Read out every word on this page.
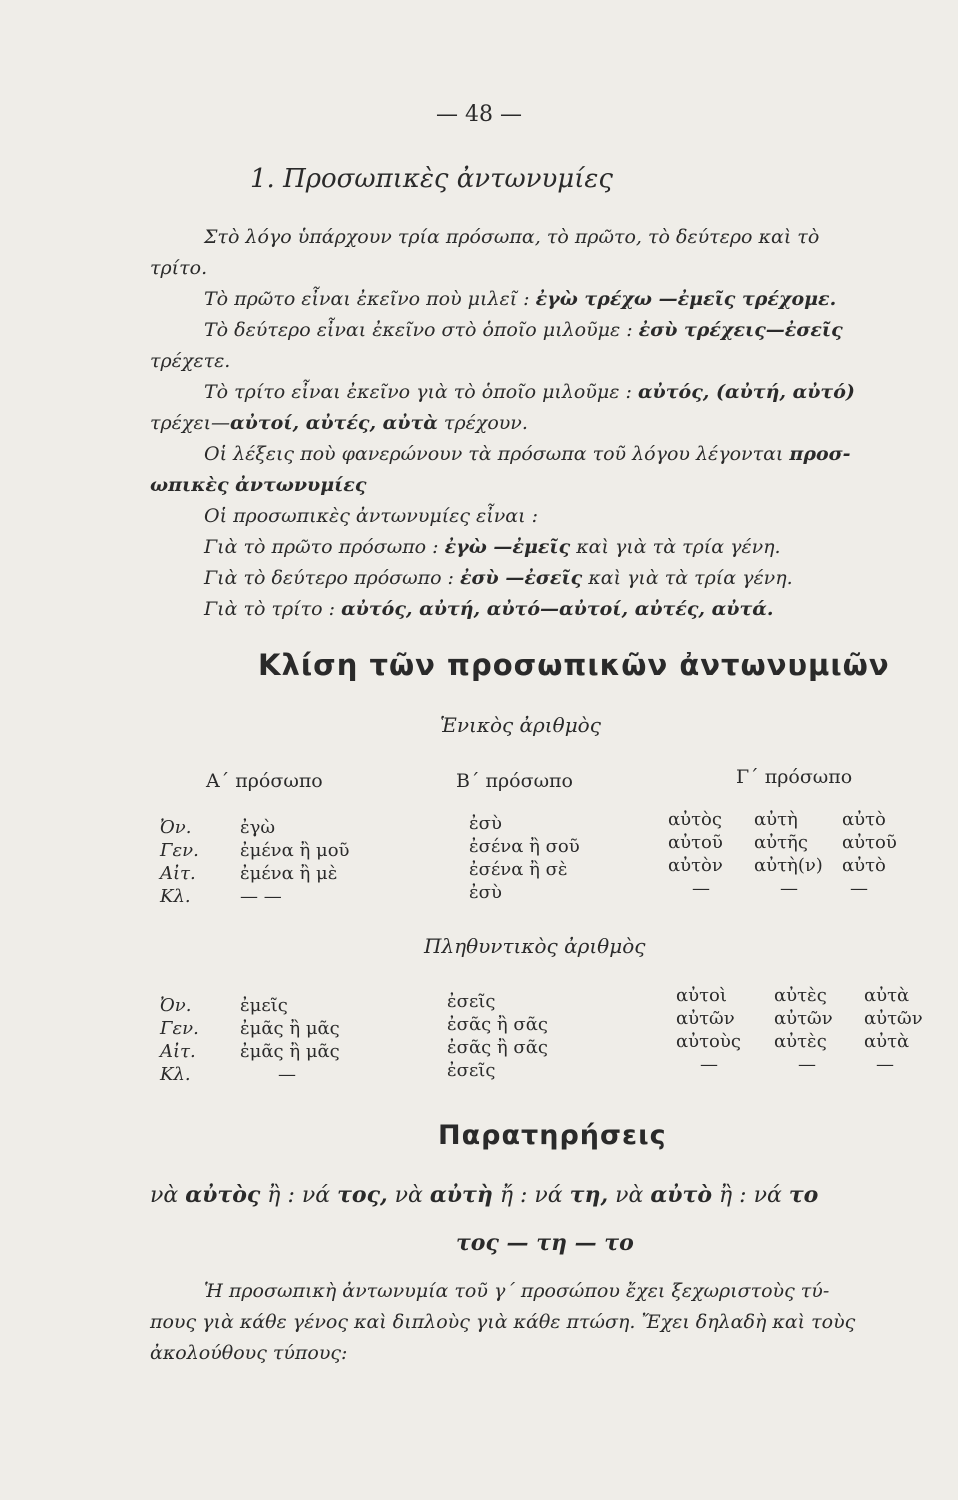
— 48 —
1. Προσωπικὲς ἀντωνυμίες

Στὸ λόγο ὑπάρχουν τρία πρόσωπα, τὸ πρῶτο, τὸ δεύτερο καὶ τὸ

τρίτο.

Τὸ πρῶτο εἶναι ἐκεῖνο ποὺ μιλεῖ : ἐγὼ τρέχω —ἐμεῖς τρέχομε.

Τὸ δεύτερο εἶναι ἐκεῖνο στὸ ὁποῖο μιλοῦμε : ἐσὺ τρέχεις—ἐσεῖς

τρέχετε.

Τὸ τρίτο εἶναι ἐκεῖνο γιὰ τὸ ὁποῖο μιλοῦμε : αὐτός, (αὐτή, αὐτό)

τρέχει—αὐτοί, αὐτές, αὐτὰ τρέχουν.

Οἱ λέξεις ποὺ φανερώνουν τὰ πρόσωπα τοῦ λόγου λέγονται προσ-

ωπικὲς ἀντωνυμίες

Οἱ προσωπικὲς ἀντωνυμίες εἶναι :

Γιὰ τὸ πρῶτο πρόσωπο : ἐγὼ —ἐμεῖς καὶ γιὰ τὰ τρία γένη.

Γιὰ τὸ δεύτερο πρόσωπο : ἐσὺ —ἐσεῖς καὶ γιὰ τὰ τρία γένη.

Γιὰ τὸ τρίτο : αὐτός, αὐτή, αὐτό—αὐτοί, αὐτές, αὐτά.

Κλίση τῶν προσωπικῶν ἀντωνυμιῶν
Ἑνικὸς ἀριθμὸς
Α΄ πρόσωπο	Β΄ πρόσωπο	Γ΄ πρόσωπο
Ὀν.
Γεν.
Αἰτ.
Κλ.
ἐγὼ
ἐμένα ἢ μοῦ
ἐμένα ἢ μὲ
— —
ἐσὺ
ἐσένα ἢ σοῦ
ἐσένα ἢ σὲ
ἐσὺ
αὐτὸς
αὐτοῦ
αὐτὸν
—
αὐτὴ
αὐτῆς
αὐτὴ(ν)
—
αὐτὸ
αὐτοῦ
αὐτὸ
—
Πληθυντικὸς ἀριθμὸς
Ὀν.
Γεν.
Αἰτ.
Κλ.
ἐμεῖς
ἐμᾶς ἢ μᾶς
ἐμᾶς ἢ μᾶς
—
ἐσεῖς
ἐσᾶς ἢ σᾶς
ἐσᾶς ἢ σᾶς
ἐσεῖς
αὐτοὶ
αὐτῶν
αὐτοὺς
—
αὐτὲς
αὐτῶν
αὐτὲς
—
αὐτὰ
αὐτῶν
αὐτὰ
—
Παρατηρήσεις
νὰ αὐτὸς ἢ : νά τος, νὰ αὐτὴ ἤ : νά τη, νὰ αὐτὸ ἢ : νά το
τος — τη — το
Ἡ προσωπικὴ ἀντωνυμία τοῦ γ΄ προσώπου ἔχει ξεχωριστοὺς τύ-
πους γιὰ κάθε γένος καὶ διπλοὺς γιὰ κάθε πτώση. Ἔχει δηλαδὴ καὶ τοὺς
ἀκολούθους τύπους:
